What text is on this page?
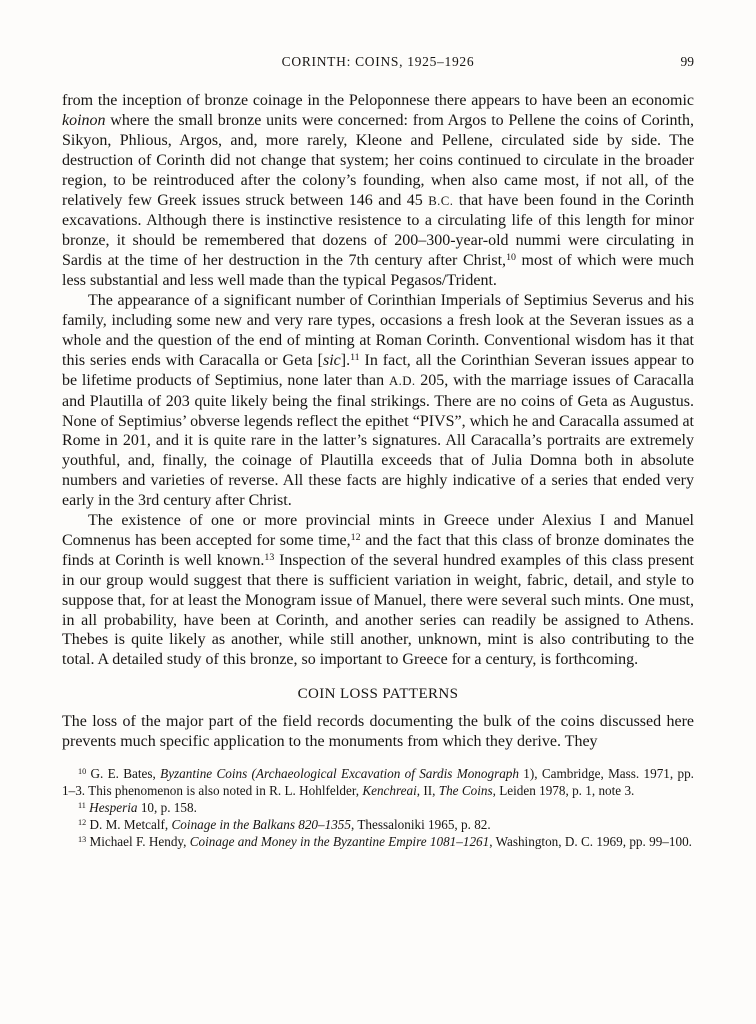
CORINTH: COINS, 1925–1926	99

from the inception of bronze coinage in the Peloponnese there appears to have been an economic koinon where the small bronze units were concerned: from Argos to Pellene the coins of Corinth, Sikyon, Phlious, Argos, and, more rarely, Kleone and Pellene, circulated side by side. The destruction of Corinth did not change that system; her coins continued to circulate in the broader region, to be reintroduced after the colony’s founding, when also came most, if not all, of the relatively few Greek issues struck between 146 and 45 B.C. that have been found in the Corinth excavations. Although there is instinctive resistence to a circulating life of this length for minor bronze, it should be remembered that dozens of 200–300-year-old nummi were circulating in Sardis at the time of her destruction in the 7th century after Christ,$^{10}$ most of which were much less substantial and less well made than the typical Pegasos/Trident.

The appearance of a significant number of Corinthian Imperials of Septimius Severus and his family, including some new and very rare types, occasions a fresh look at the Severan issues as a whole and the question of the end of minting at Roman Corinth. Conventional wisdom has it that this series ends with Caracalla or Geta [sic].$^{11}$ In fact, all the Corinthian Severan issues appear to be lifetime products of Septimius, none later than A.D. 205, with the marriage issues of Caracalla and Plautilla of 203 quite likely being the final strikings. There are no coins of Geta as Augustus. None of Septimius’ obverse legends reflect the epithet “PIVS”, which he and Caracalla assumed at Rome in 201, and it is quite rare in the latter’s signatures. All Caracalla’s portraits are extremely youthful, and, finally, the coinage of Plautilla exceeds that of Julia Domna both in absolute numbers and varieties of reverse. All these facts are highly indicative of a series that ended very early in the 3rd century after Christ.

The existence of one or more provincial mints in Greece under Alexius I and Manuel Comnenus has been accepted for some time,$^{12}$ and the fact that this class of bronze dominates the finds at Corinth is well known.$^{13}$ Inspection of the several hundred examples of this class present in our group would suggest that there is sufficient variation in weight, fabric, detail, and style to suppose that, for at least the Monogram issue of Manuel, there were several such mints. One must, in all probability, have been at Corinth, and another series can readily be assigned to Athens. Thebes is quite likely as another, while still another, unknown, mint is also contributing to the total. A detailed study of this bronze, so important to Greece for a century, is forthcoming.

COIN LOSS PATTERNS

The loss of the major part of the field records documenting the bulk of the coins discussed here prevents much specific application to the monuments from which they derive. They

$^{10}$ G. E. Bates, Byzantine Coins (Archaeological Excavation of Sardis Monograph 1), Cambridge, Mass. 1971, pp. 1–3. This phenomenon is also noted in R. L. Hohlfelder, Kenchreai, II, The Coins, Leiden 1978, p. 1, note 3.

$^{11}$ Hesperia 10, p. 158.

$^{12}$ D. M. Metcalf, Coinage in the Balkans 820–1355, Thessaloniki 1965, p. 82.

$^{13}$ Michael F. Hendy, Coinage and Money in the Byzantine Empire 1081–1261, Washington, D. C. 1969, pp. 99–100.
